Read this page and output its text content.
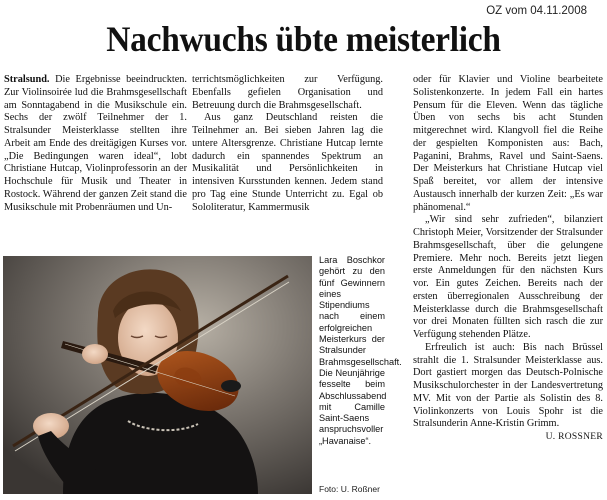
OZ vom 04.11.2008
Nachwuchs übte meisterlich

Stralsund. Die Ergebnisse beeindruckten. Zur Violinsoirée lud die Brahmsgesellschaft am Sonntagabend in die Musikschule ein. Sechs der zwölf Teilnehmer der 1. Stralsunder Meisterklasse stellten ihre Arbeit am Ende des dreitägigen Kurses vor. „Die Bedingungen waren ideal“, lobt Christiane Hutcap, Violinprofessorin an der Hochschule für Musik und Theater in Rostock. Während der ganzen Zeit stand die Musikschule mit Probenräumen und Un-

terrichtsmöglichkeiten zur Verfügung. Ebenfalls gefielen Organisation und Betreuung durch die Brahmsgesellschaft.

Aus ganz Deutschland reisten die Teilnehmer an. Bei sieben Jahren lag die untere Altersgrenze. Christiane Hutcap lernte dadurch ein spannendes Spektrum an Musikalität und Persönlichkeiten in intensiven Kursstunden kennen. Jedem stand pro Tag eine Stunde Unterricht zu. Egal ob Sololiteratur, Kammermusik

oder für Klavier und Violine bearbeitete Solistenkonzerte. In jedem Fall ein hartes Pensum für die Eleven. Wenn das tägliche Üben von sechs bis acht Stunden mitgerechnet wird. Klangvoll fiel die Reihe der gespielten Komponisten aus: Bach, Paganini, Brahms, Ravel und Saint-Saens. Der Meisterkurs hat Christiane Hutcap viel Spaß bereitet, vor allem der intensive Austausch innerhalb der kurzen Zeit: „Es war phänomenal.“

„Wir sind sehr zufrieden“, bilanziert Christoph Meier, Vorsitzender der Stralsunder Brahmsgesellschaft, über die gelungene Premiere. Mehr noch. Bereits jetzt liegen erste Anmeldungen für den nächsten Kurs vor. Ein gutes Zeichen. Bereits nach der ersten überregionalen Ausschreibung der Meisterklasse durch die Brahmsgesellschaft vor drei Monaten füllten sich rasch die zur Verfügung stehenden Plätze.

Erfreulich ist auch: Bis nach Brüssel strahlt die 1. Stralsunder Meisterklasse aus. Dort gastiert morgen das Deutsch-Polnische Musikschulorchester in der Landesvertretung MV. Mit von der Partie als Solistin des 8. Violinkonzerts von Louis Spohr ist die Stralsunderin Anne-Kristin Grimm.
U. ROSSNER

Lara Boschkor gehört zu den fünf Gewinnern eines Stipendiums nach einem erfolgreichen Meisterkurs der Stralsunder Brahmsgesellschaft.

Die Neunjährige fesselte beim Abschlussabend mit Camille Saint-Saens anspruchsvoller „Havanaise“.

Foto: U. Roßner
